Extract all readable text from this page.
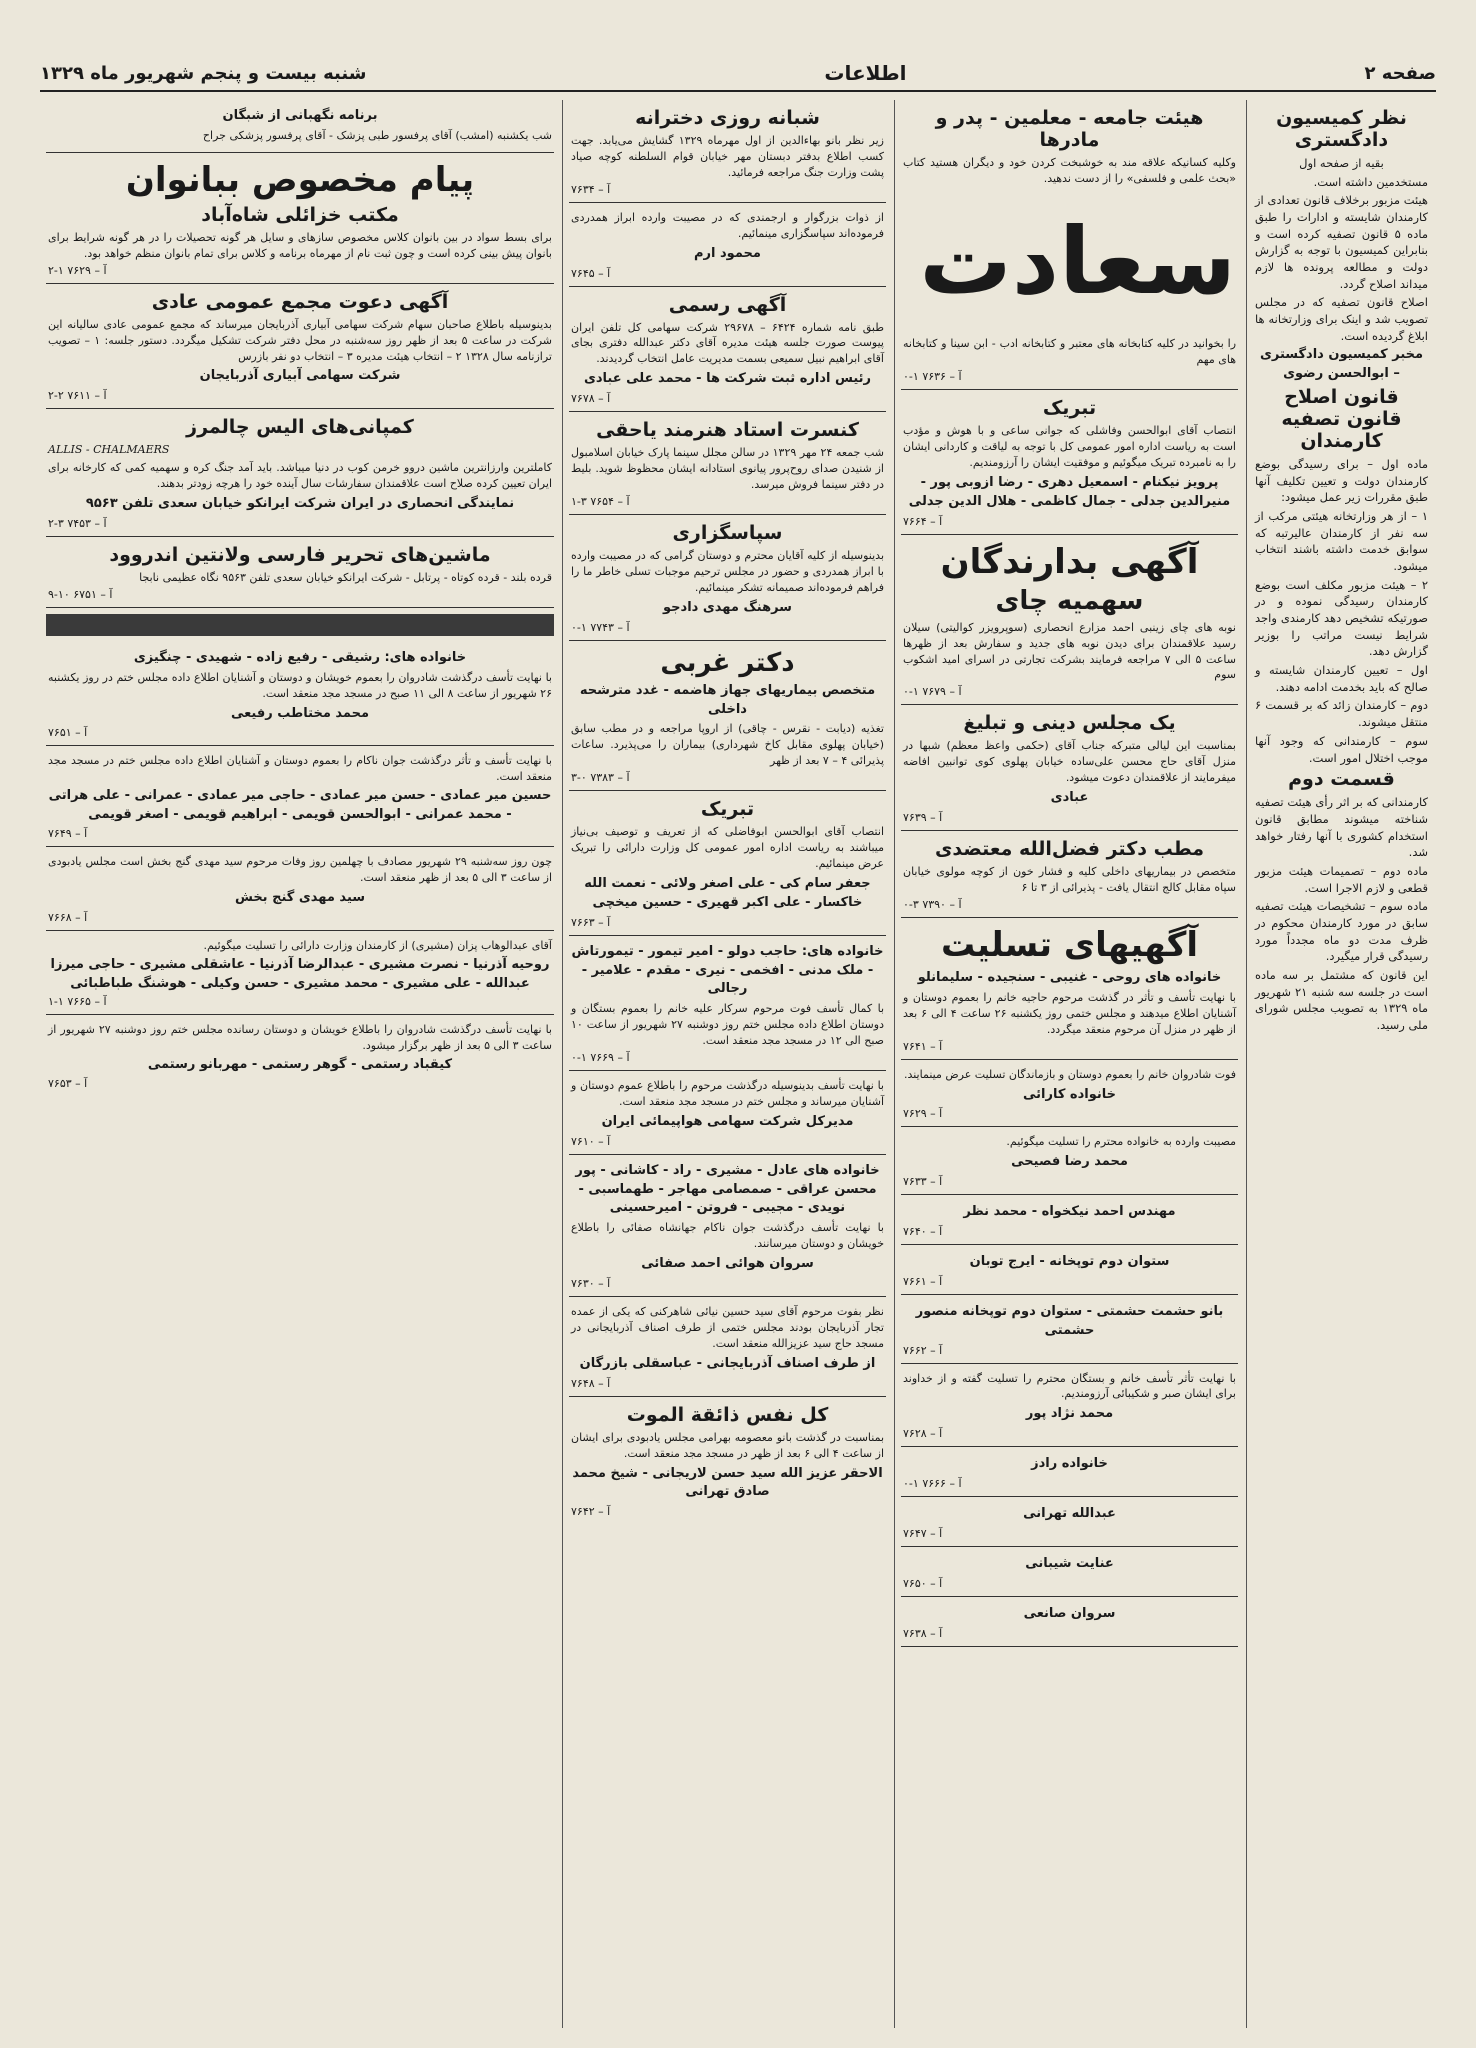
صفحه ۲
اطلاعات
شنبه بیست و پنجم شهریور ماه ۱۳۲۹
نظر کمیسیون دادگستری

بقیه از صفحه اول

مستخدمین داشته است.

هیئت مزبور برخلاف قانون تعدادی از کارمندان شایسته و ادارات را طبق ماده ۵ قانون تصفیه کرده است و بنابراین کمیسیون با توجه به گزارش دولت و مطالعه پرونده ها لازم میداند اصلاح گردد.

اصلاح قانون تصفیه که در مجلس تصویب شد و اینک برای وزارتخانه ها ابلاغ گردیده است.

مخبر کمیسیون دادگستری – ابوالحسن رضوی

قانون اصلاح قانون تصفیه کارمندان

ماده اول – برای رسیدگی بوضع کارمندان دولت و تعیین تکلیف آنها طبق مقررات زیر عمل میشود:

۱ – از هر وزارتخانه هیئتی مرکب از سه نفر از کارمندان عالیرتبه که سوابق خدمت داشته باشند انتخاب میشود.

۲ – هیئت مزبور مکلف است بوضع کارمندان رسیدگی نموده و در صورتیکه تشخیص دهد کارمندی واجد شرایط نیست مراتب را بوزیر گزارش دهد.

اول – تعیین کارمندان شایسته و صالح که باید بخدمت ادامه دهند.

دوم – کارمندان زائد که بر قسمت ۶ منتقل میشوند.

سوم – کارمندانی که وجود آنها موجب اختلال امور است.

قسمت دوم

کارمندانی که بر اثر رأی هیئت تصفیه شناخته میشوند مطابق قانون استخدام کشوری با آنها رفتار خواهد شد.

ماده دوم – تصمیمات هیئت مزبور قطعی و لازم الاجرا است.

ماده سوم – تشخیصات هیئت تصفیه سابق در مورد کارمندان محکوم در ظرف مدت دو ماه مجدداً مورد رسیدگی قرار میگیرد.

این قانون که مشتمل بر سه ماده است در جلسه سه شنبه ۲۱ شهریور ماه ۱۳۲۹ به تصویب مجلس شورای ملی رسید.

هیئت جامعه - معلمین - پدر و مادرها

وکلیه کسانیکه علاقه مند به خوشبخت کردن خود و دیگران هستید کتاب «بحث علمی و فلسفی» را از دست ندهید.

سعادت

را بخوانید در کلیه کتابخانه های معتبر و کتابخانه ادب - ابن سینا و کتابخانه های مهم

آ – ۷۶۳۶ ۱-۰
تبریک

انتصاب آقای ابوالحسن وفاشلی که جوانی ساعی و با هوش و مؤدب است به ریاست اداره امور عمومی کل با توجه به لیاقت و کاردانی ایشان را به نامبرده تبریک میگوئیم و موفقیت ایشان را آرزومندیم.

پرویز نیکنام - اسمعیل دهری - رضا ازوبی پور - منیرالدین جدلی - جمال کاظمی - هلال الدین جدلی

آ – ۷۶۶۴
آگهی بدارندگان
سهمیه چای

نوبه های چای زینبی احمد مزارع انحصاری (سوپرویزر کوالیتی) سیلان رسید علاقمندان برای دیدن نوبه های جدید و سفارش بعد از ظهرها ساعت ۵ الی ۷ مراجعه فرمایند بشرکت تجارتی در اسرای امید اشکوب سوم

آ – ۷۶۷۹ ۱-۰
یک مجلس دینی و تبلیغ

بمناسبت این لیالی متبرکه جناب آقای (حکمی واعظ معظم) شبها در منزل آقای حاج محسن علی‌ساده خیابان پهلوی کوی توانبین افاضه میفرمایند از علاقمندان دعوت میشود.

عبادی

آ – ۷۶۳۹
مطب دکتر فضل‌الله معتضدی

متخصص در بیماریهای داخلی کلیه و فشار خون از کوچه مولوی خیابان سپاه مقابل کالج انتقال یافت - پذیرائی از ۳ تا ۶

آ – ۷۳۹۰ ۳-۰
آگهیهای تسلیت

خانواده های روحی - غنیبی - سنجیده - سلیمانلو

با نهایت تأسف و تأثر در گذشت مرحوم حاجیه خانم را بعموم دوستان و آشنایان اطلاع میدهند و مجلس ختمی روز یکشنبه ۲۶ ساعت ۴ الی ۶ بعد از ظهر در منزل آن مرحوم منعقد میگردد.

آ – ۷۶۴۱

فوت شادروان خانم را بعموم دوستان و بازماندگان تسلیت عرض مینمایند.

خانواده کارائی

آ – ۷۶۲۹

مصیبت وارده به خانواده محترم را تسلیت میگوئیم.

محمد رضا فصیحی

آ – ۷۶۳۳

مهندس احمد نیکخواه - محمد نظر

آ – ۷۶۴۰

ستوان دوم توپخانه - ایرج توبان

آ – ۷۶۶۱

بانو حشمت حشمتی - ستوان دوم توپخانه منصور حشمتی

آ – ۷۶۶۲

با نهایت تأثر تأسف خانم و بستگان محترم را تسلیت گفته و از خداوند برای ایشان صبر و شکیبائی آرزومندیم.

محمد نژاد پور

آ – ۷۶۲۸

خانواده رادز

آ – ۷۶۶۶ ۱-۰

عبدالله تهرانی

آ – ۷۶۴۷

عنایت شیبانی

آ – ۷۶۵۰

سروان صانعی

آ – ۷۶۳۸
شبانه روزی دخترانه

زیر نظر بانو بهاءالدین از اول مهرماه ۱۳۲۹ گشایش می‌یابد. جهت کسب اطلاع بدفتر دبستان مهر خیابان قوام السلطنه کوچه صیاد پشت وزارت جنگ مراجعه فرمائید.

آ – ۷۶۳۴

از ذوات بزرگوار و ارجمندی که در مصیبت وارده ابراز همدردی فرموده‌اند سپاسگزاری مینمائیم.

محمود ارم

آ – ۷۶۴۵
آگهی رسمی

طبق نامه شماره ۶۴۲۴ – ۲۹۶۷۸ شرکت سهامی کل تلفن ایران پیوست صورت جلسه هیئت مدیره آقای دکتر عبدالله دفتری بجای آقای ابراهیم نبیل سمیعی بسمت مدیریت عامل انتخاب گردیدند.

رئیس اداره ثبت شرکت ها - محمد علی عبادی

آ – ۷۶۷۸
کنسرت استاد هنرمند یاحقی

شب جمعه ۲۴ مهر ۱۳۲۹ در سالن مجلل سینما پارک خیابان اسلامبول از شنیدن صدای روح‌پرور پیانوی استادانه ایشان محظوظ شوید. بلیط در دفتر سینما فروش میرسد.

آ – ۷۶۵۴ ۳-۱
سپاسگزاری

بدینوسیله از کلیه آقایان محترم و دوستان گرامی که در مصیبت وارده با ابراز همدردی و حضور در مجلس ترحیم موجبات تسلی خاطر ما را فراهم فرموده‌اند صمیمانه تشکر مینمائیم.

سرهنگ مهدی دادجو

آ – ۷۷۴۳ ۱-۰
دکتر غربی

متخصص بیماریهای جهاز هاضمه - غدد مترشحه داخلی

تغذیه (دیابت - نقرس - چاقی) از اروپا مراجعه و در مطب سابق (خیابان پهلوی مقابل کاخ شهرداری) بیماران را می‌پذیرد. ساعات پذیرائی ۴ – ۷ بعد از ظهر

آ – ۷۳۸۳ ۰-۳
تبریک

انتصاب آقای ابوالحسن ابوفاضلی که از تعریف و توصیف بی‌نیاز میباشند به ریاست اداره امور عمومی کل وزارت دارائی را تبریک عرض مینمائیم.

جعفر سام کی - علی اصغر ولائی - نعمت الله خاکسار - علی اکبر قهیری - حسین میخچی

آ – ۷۶۶۳

خانواده های: حاجب دولو - امیر تیمور - تیمورتاش - ملک مدنی - افخمی - نیری - مقدم - علامیر - رجالی

با کمال تأسف فوت مرحوم سرکار علیه خانم را بعموم بستگان و دوستان اطلاع داده مجلس ختم روز دوشنبه ۲۷ شهریور از ساعت ۱۰ صبح الی ۱۲ در مسجد مجد منعقد است.

آ – ۷۶۶۹ ۱-۰

با نهایت تأسف بدینوسیله درگذشت مرحوم را باطلاع عموم دوستان و آشنایان میرساند و مجلس ختم در مسجد مجد منعقد است.

مدیرکل شرکت سهامی هواپیمائی ایران

آ – ۷۶۱۰

خانواده های عادل - مشیری - راد - کاشانی - پور محسن عراقی - صمصامی مهاجر - طهماسبی - نویدی - مجیبی - فروتن - امیرحسینی

با نهایت تأسف درگذشت جوان ناکام جهانشاه صفائی را باطلاع خویشان و دوستان میرسانند.

سروان هوائی احمد صفائی

آ – ۷۶۳۰

نظر بفوت مرحوم آقای سید حسین نیائی شاهرکنی که یکی از عمده تجار آذربایجان بودند مجلس ختمی از طرف اصناف آذربایجانی در مسجد حاج سید عزیزالله منعقد است.

از طرف اصناف آذربایجانی - عباسقلی بازرگان

آ – ۷۶۴۸
کل نفس ذائقة الموت

بمناسبت در گذشت بانو معصومه بهرامی مجلس یادبودی برای ایشان از ساعت ۴ الی ۶ بعد از ظهر در مسجد مجد منعقد است.

الاحقر عزیز الله سید حسن لاریجانی - شیخ محمد صادق تهرانی

آ – ۷۶۴۲

برنامه نگهبانی از شبگان

شب یکشنبه (امشب) آقای پرفسور طبی پزشک - آقای پرفسور پزشکی جراح

پیام مخصوص ببانوان
مکتب خزائلی شاه‌آباد

برای بسط سواد در بین بانوان کلاس مخصوص سازهای و سایل هر گونه تحصیلات را در هر گونه شرایط برای بانوان پیش بینی کرده است و چون ثبت نام از مهرماه برنامه و کلاس برای تمام بانوان منظم خواهد بود.

آ – ۷۶۲۹ ۱-۲
آگهی دعوت مجمع عمومی عادی

بدینوسیله باطلاع صاحبان سهام شرکت سهامی آبیاری آذربایجان میرساند که مجمع عمومی عادی سالیانه این شرکت در ساعت ۵ بعد از ظهر روز سه‌شنبه در محل دفتر شرکت تشکیل میگردد. دستور جلسه: ۱ – تصویب ترازنامه سال ۱۳۲۸ ۲ – انتخاب هیئت مدیره ۳ – انتخاب دو نفر بازرس

شرکت سهامی آبیاری آذربایجان

آ – ۷۶۱۱ ۲-۲
کمپانی‌های الیس چالمرز

ALLIS - CHALMAERS

کاملترین وارزانترین ماشین دروو خرمن کوب در دنیا میباشد. باید آمد جنگ کره و سهمیه کمی که کارخانه برای ایران تعیین کرده صلاح است علاقمندان سفارشات سال آینده خود را هرچه زودتر بدهند.

نمایندگی انحصاری در ایران شرکت ایرانکو خیابان سعدی تلفن ۹۵۶۳

آ – ۷۴۵۳ ۳-۲
ماشین‌های تحریر فارسی ولانتین اندروود

قرده بلند - قرده کوتاه - پرتابل - شرکت ایرانکو خیابان سعدی تلفن ۹۵۶۳ نگاه عظیمی نابجا

آ – ۶۷۵۱ ۱۰-۹

خانواده های: رشیقی - رفیع زاده - شهیدی - چنگیزی

با نهایت تأسف درگذشت شادروان را بعموم خویشان و دوستان و آشنایان اطلاع داده مجلس ختم در روز یکشنبه ۲۶ شهریور از ساعت ۸ الی ۱۱ صبح در مسجد مجد منعقد است.

محمد مختاطب رفیعی

آ – ۷۶۵۱

با نهایت تأسف و تأثر درگذشت جوان ناکام را بعموم دوستان و آشنایان اطلاع داده مجلس ختم در مسجد مجد منعقد است.

حسین میر عمادی - حسن میر عمادی - حاجی میر عمادی - عمرانی - علی هراتی - محمد عمرانی - ابوالحسن قویمی - ابراهیم قویمی - اصغر قویمی

آ – ۷۶۴۹

چون روز سه‌شنبه ۲۹ شهریور مصادف با چهلمین روز وفات مرحوم سید مهدی گنج بخش است مجلس یادبودی از ساعت ۳ الی ۵ بعد از ظهر منعقد است.

سید مهدی گنج بخش

آ – ۷۶۶۸

آقای عبدالوهاب پزان (مشیری) از کارمندان وزارت دارائی را تسلیت میگوئیم.

روحیه آذرنیا - نصرت مشیری - عبدالرضا آذرنیا - عاشقلی مشیری - حاجی میرزا عبدالله - علی مشیری - محمد مشیری - حسن وکیلی - هوشنگ طباطبائی

آ – ۷۶۶۵ ۱-۱

با نهایت تأسف درگذشت شادروان را باطلاع خویشان و دوستان رسانده مجلس ختم روز دوشنبه ۲۷ شهریور از ساعت ۳ الی ۵ بعد از ظهر برگزار میشود.

کیقباد رستمی - گوهر رستمی - مهربانو رستمی

آ – ۷۶۵۳
